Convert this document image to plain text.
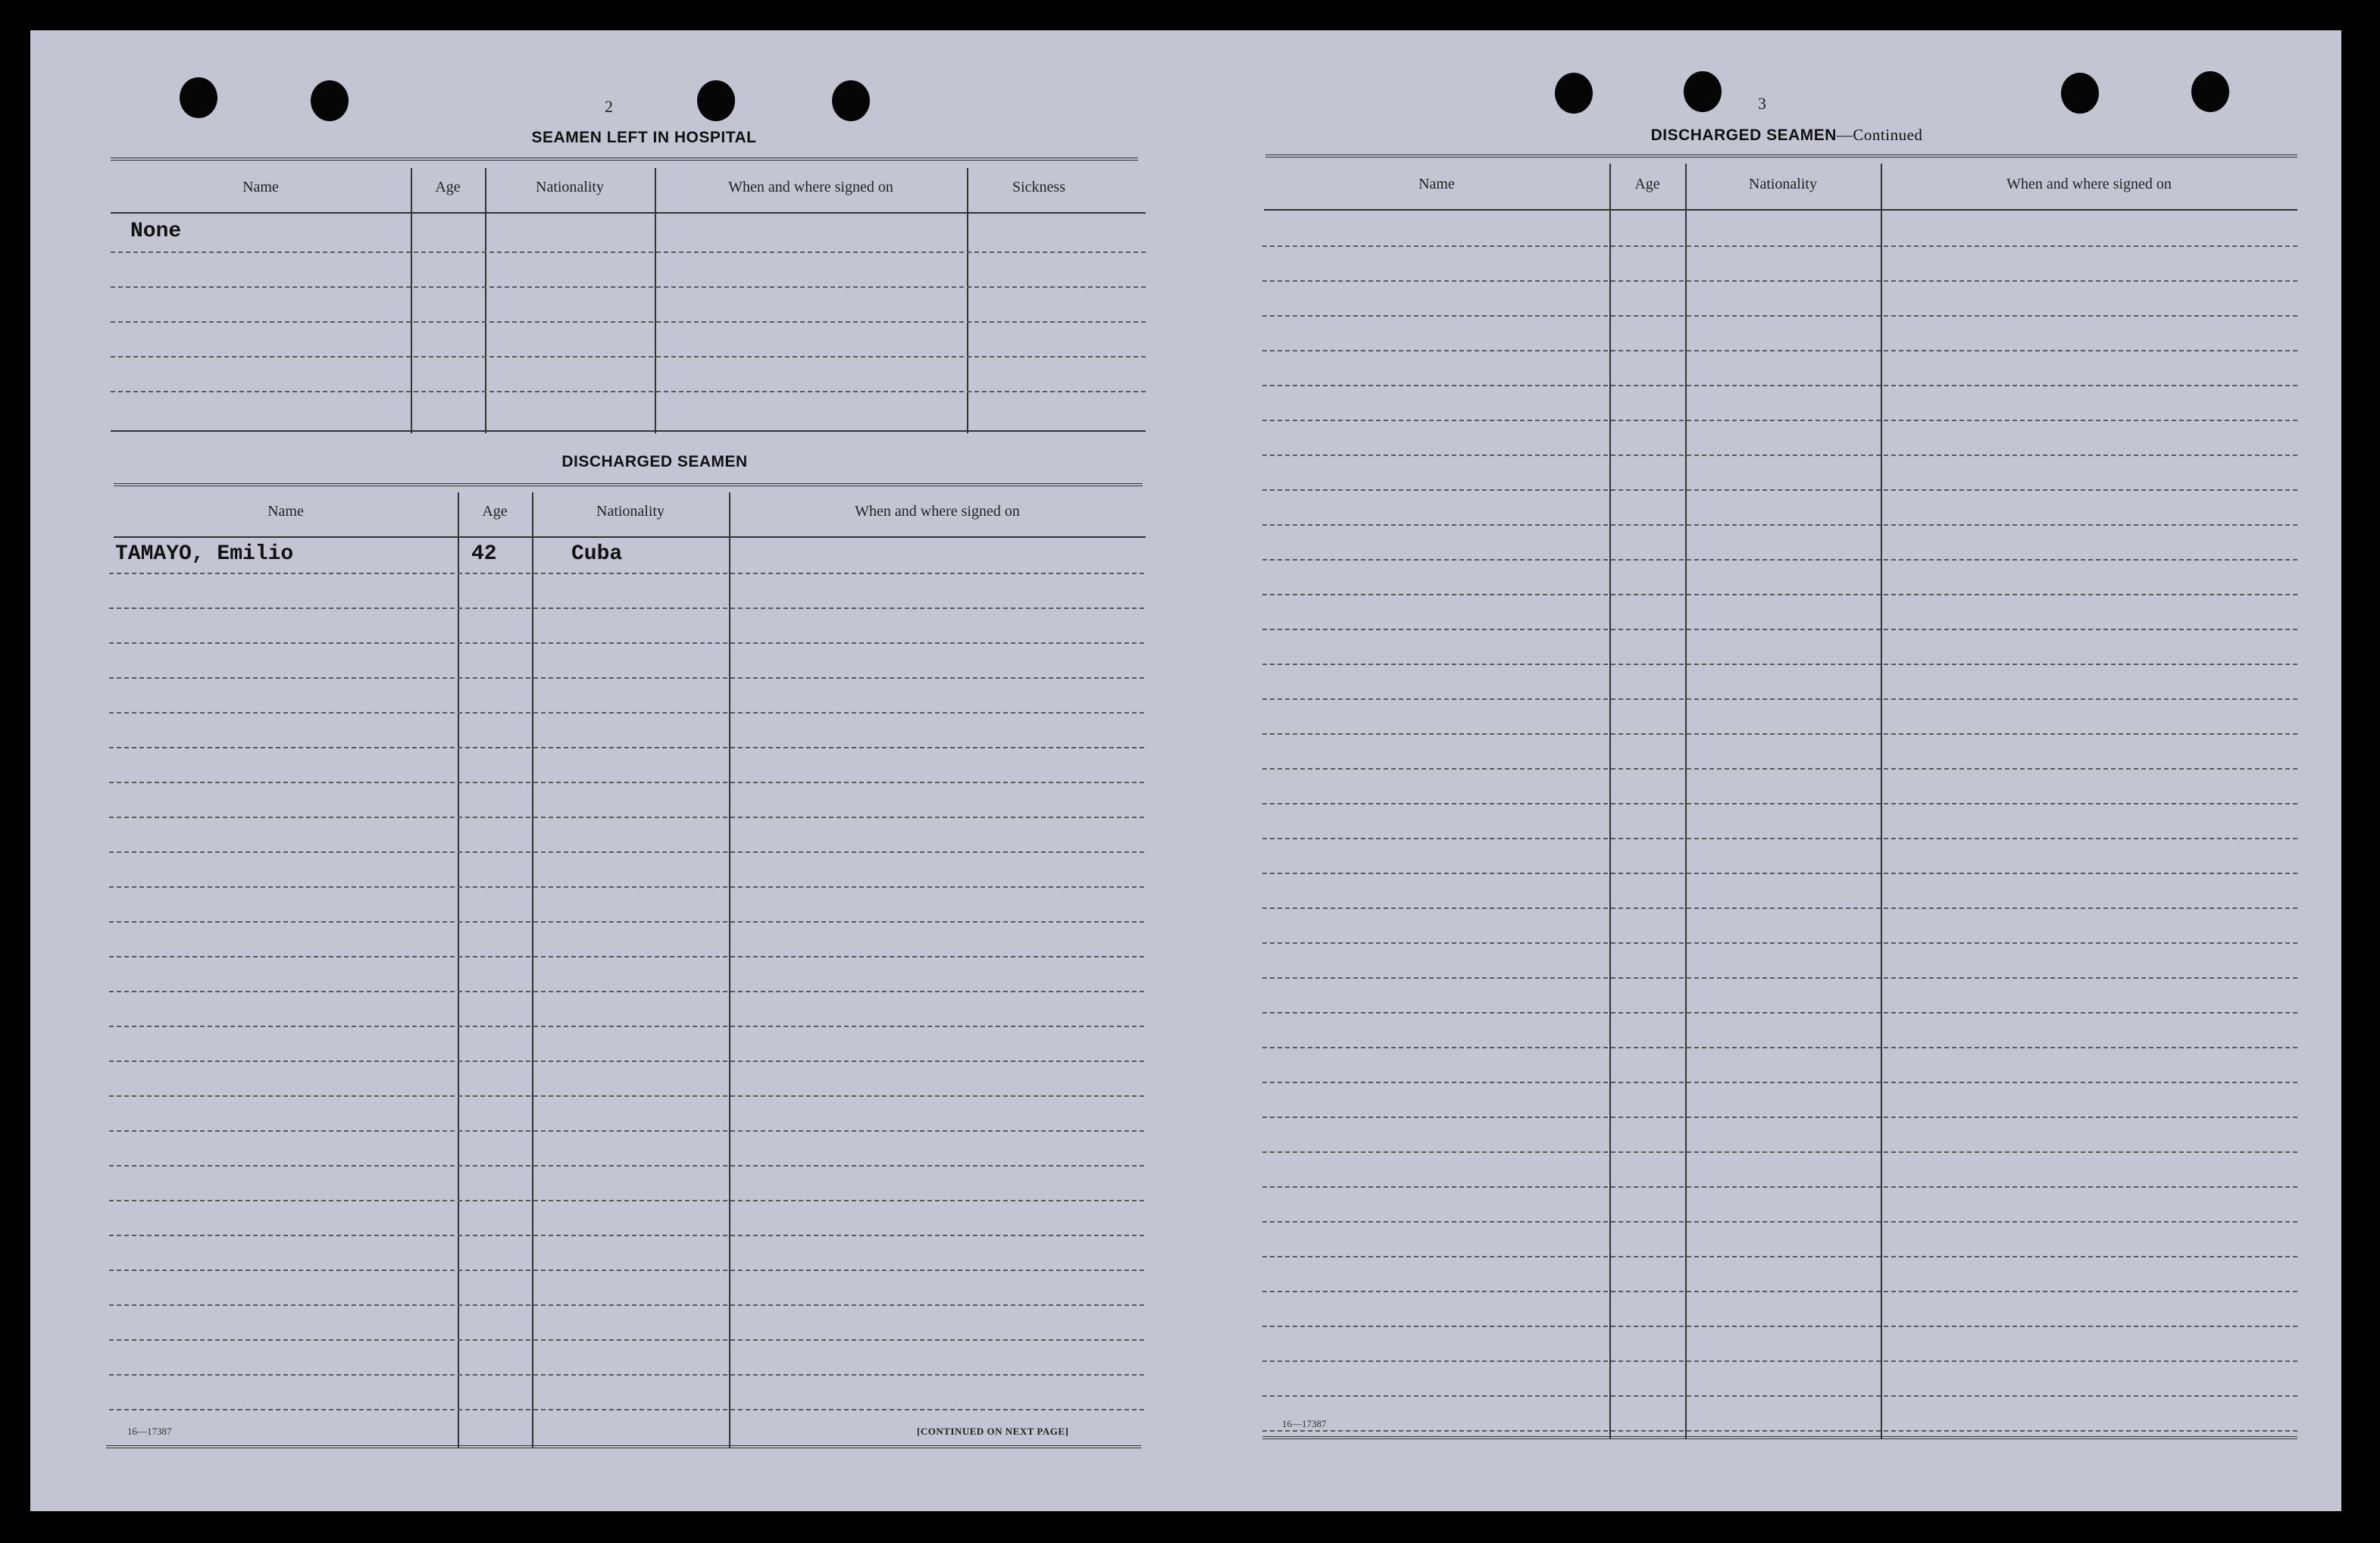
2
SEAMEN LEFT IN HOSPITAL
Name	Age	Nationality	When and where signed on	Sickness
None
DISCHARGED SEAMEN
Name	Age	Nationality	When and where signed on
TAMAYO, Emilio	42	Cuba
16—17387	[CONTINUED ON NEXT PAGE]
3
DISCHARGED SEAMEN—Continued
Name	Age	Nationality	When and where signed on
16—17387
